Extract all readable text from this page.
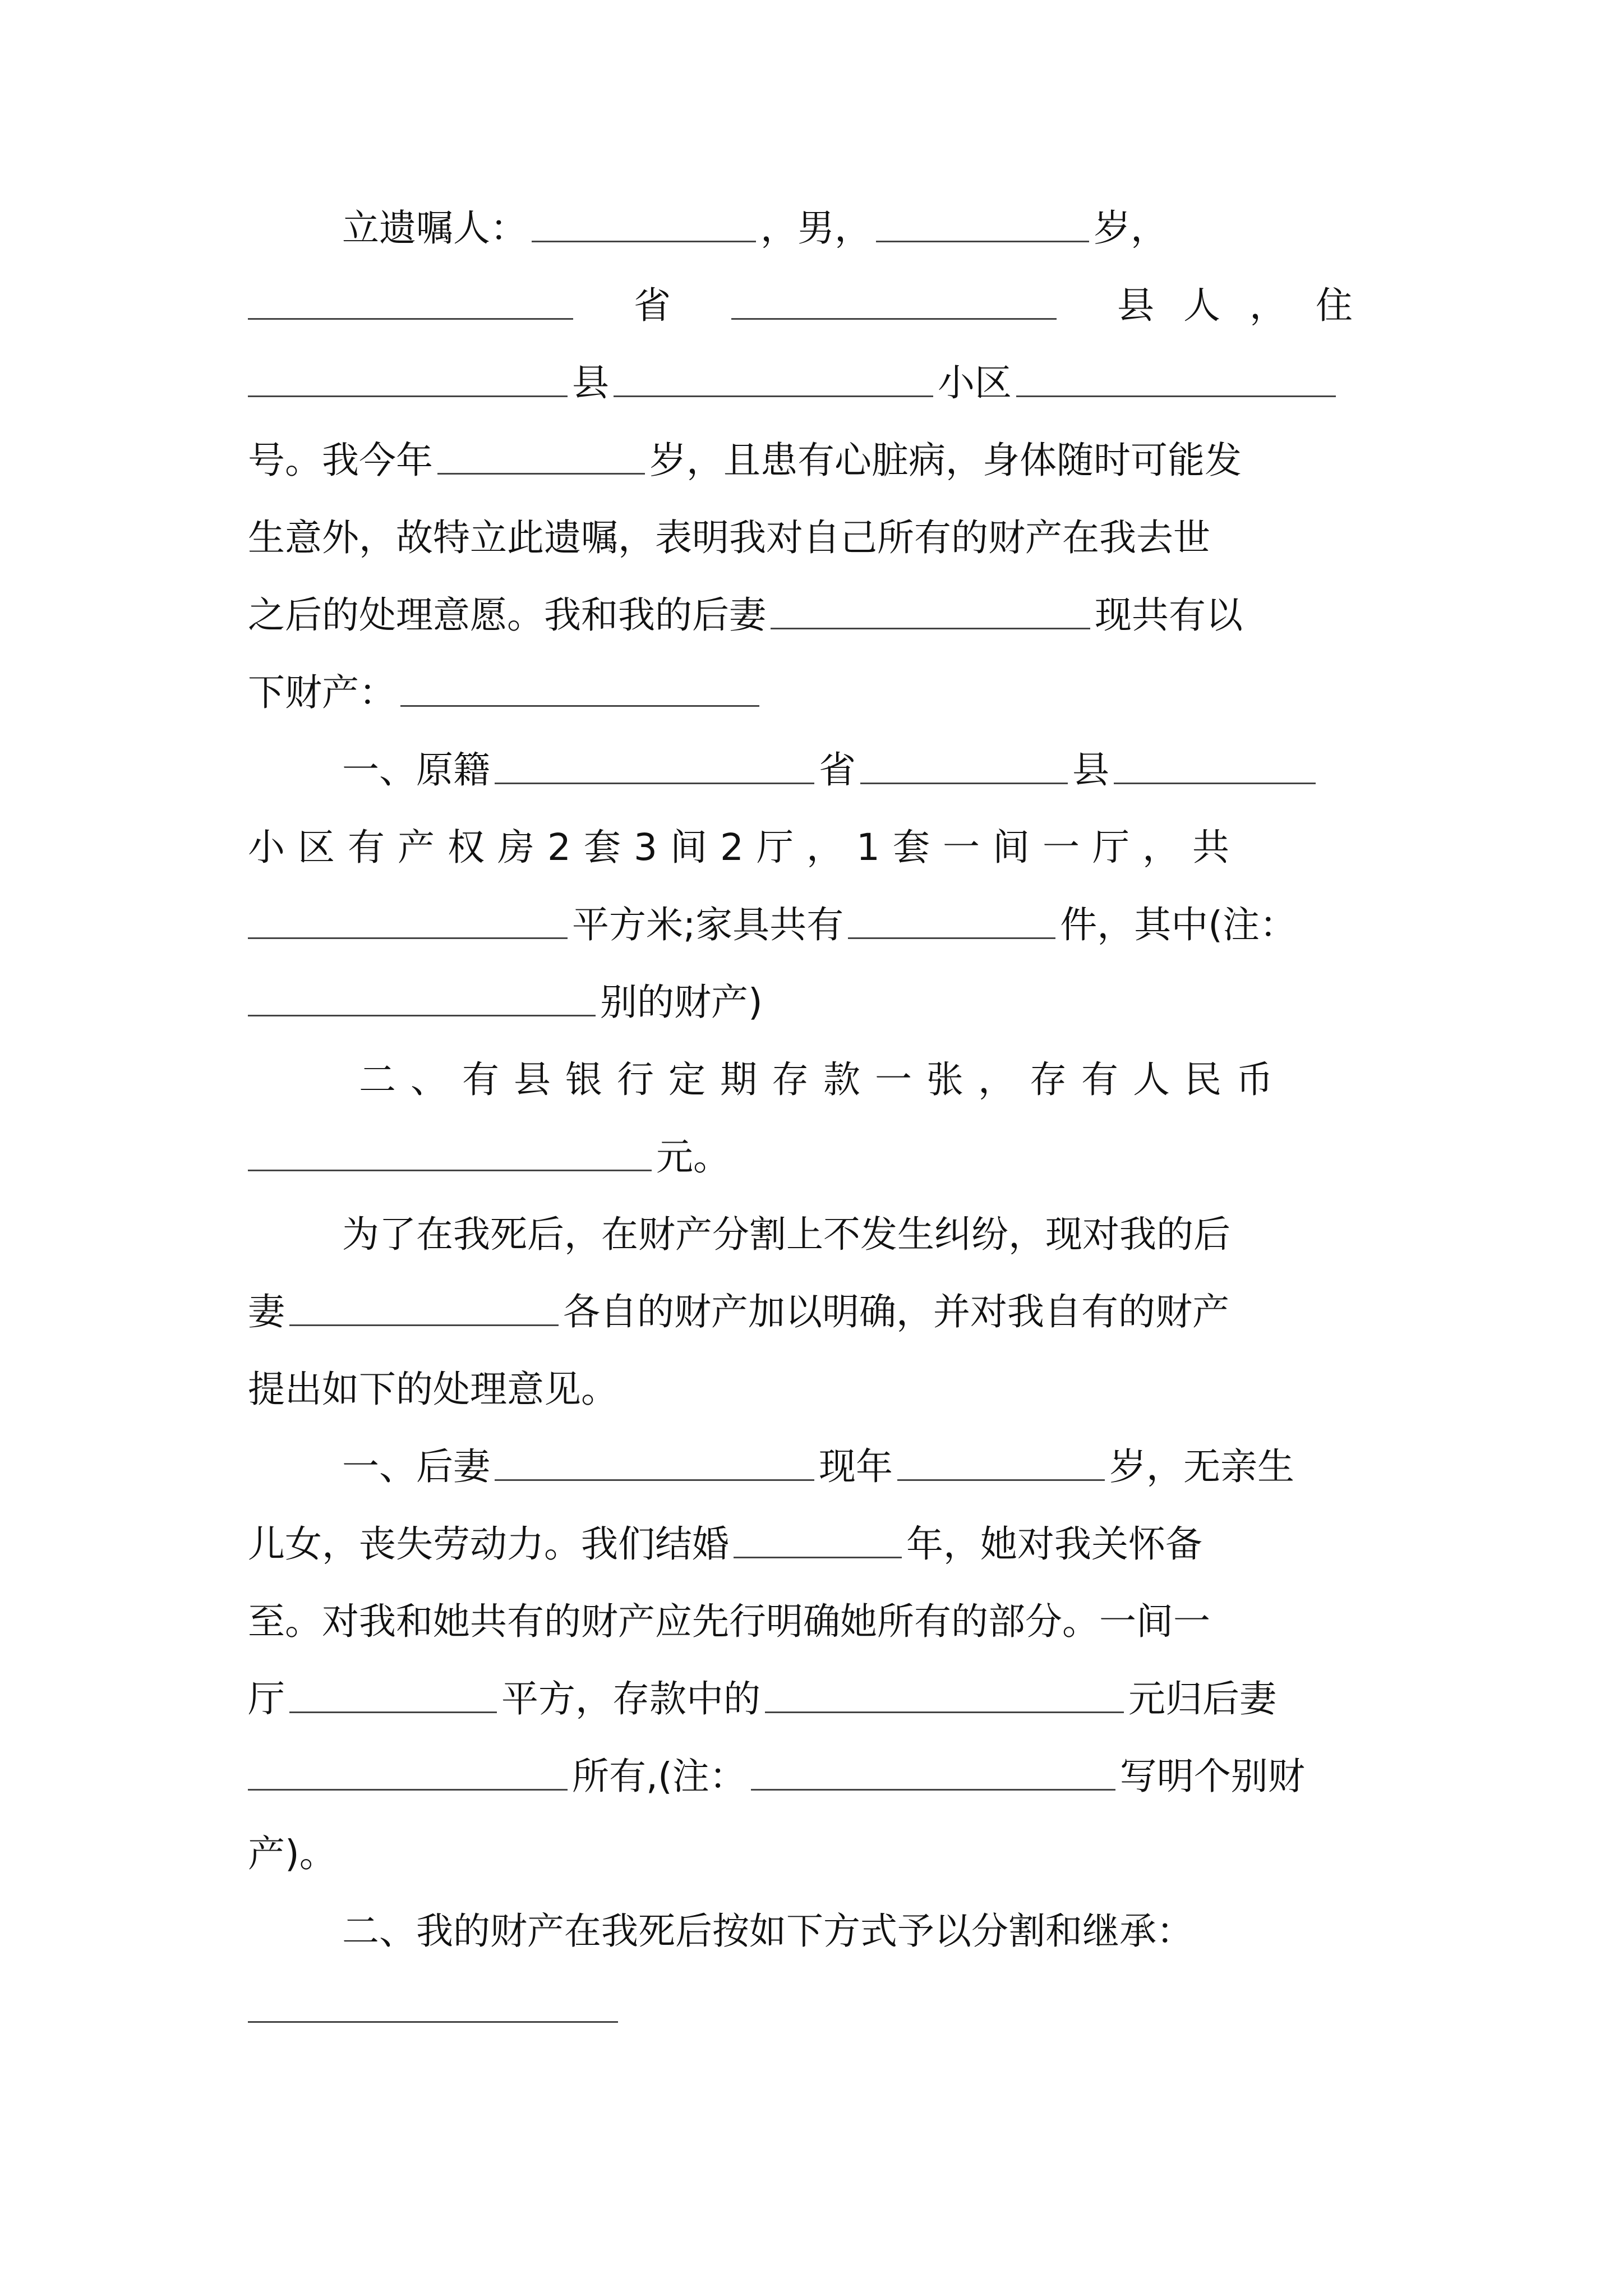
立遗嘱人：	，男，	岁，
省	县人，住
县	小区
号。我今年	岁，且患有心脏病，身体随时可能发
生意外，故特立此遗嘱，表明我对自己所有的财产在我去世
之后的处理意愿。我和我的后妻	现共有以
下财产：
一、原籍	省	县
小区有产权房2套3间2厅，1套一间一厅，共
平方米;家具共有	件，其中(注：
别的财产)
二、有县银行定期存款一张，存有人民币
元。
为了在我死后，在财产分割上不发生纠纷，现对我的后
妻	各自的财产加以明确，并对我自有的财产
提出如下的处理意见。
一、后妻	现年	岁，无亲生
儿女，丧失劳动力。我们结婚	年，她对我关怀备
至。对我和她共有的财产应先行明确她所有的部分。一间一
厅	平方，存款中的	元归后妻
所有,(注：	写明个别财
产)。
二、我的财产在我死后按如下方式予以分割和继承：
